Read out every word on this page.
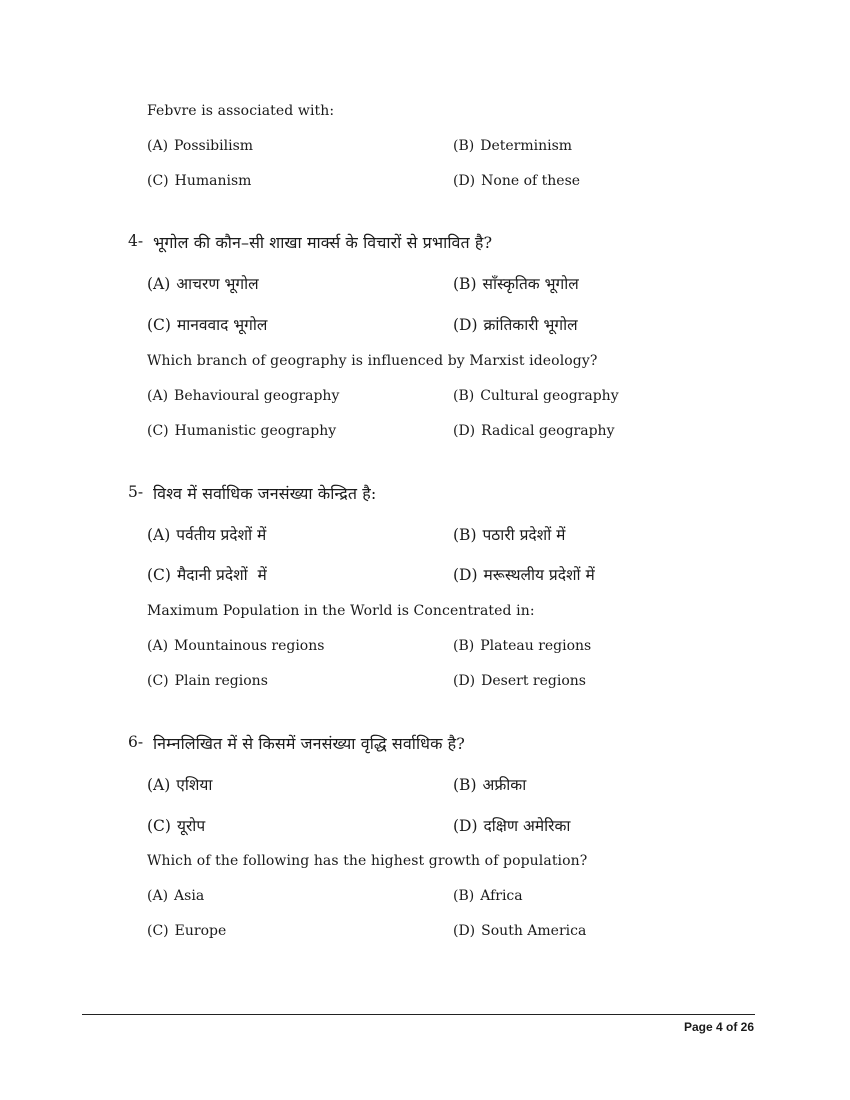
Febvre is associated with:
(A) Possibilism	(B) Determinism
(C) Humanism	(D) None of these
4- भूगोल की कौन–सी शाखा मार्क्स के विचारों से प्रभावित है?
(A) आचरण भूगोल	(B) साँस्कृतिक भूगोल
(C) मानववाद भूगोल	(D) क्रांतिकारी भूगोल
Which branch of geography is influenced by Marxist ideology?
(A) Behavioural geography	(B) Cultural geography
(C) Humanistic geography	(D) Radical geography
5- विश्व में सर्वाधिक जनसंख्या केन्द्रित है:
(A) पर्वतीय प्रदेशों में	(B) पठारी प्रदेशों में
(C) मैदानी प्रदेशों  में	(D) मरूस्थलीय प्रदेशों में
Maximum Population in the World is Concentrated in:
(A) Mountainous regions	(B) Plateau regions
(C) Plain regions	(D) Desert regions
6- निम्नलिखित में से किसमें जनसंख्या वृद्धि सर्वाधिक है?
(A) एशिया	(B) अफ्रीका
(C) यूरोप	(D) दक्षिण अमेरिका
Which of the following has the highest growth of population?
(A) Asia	(B) Africa
(C) Europe	(D) South America
Page 4 of 26
